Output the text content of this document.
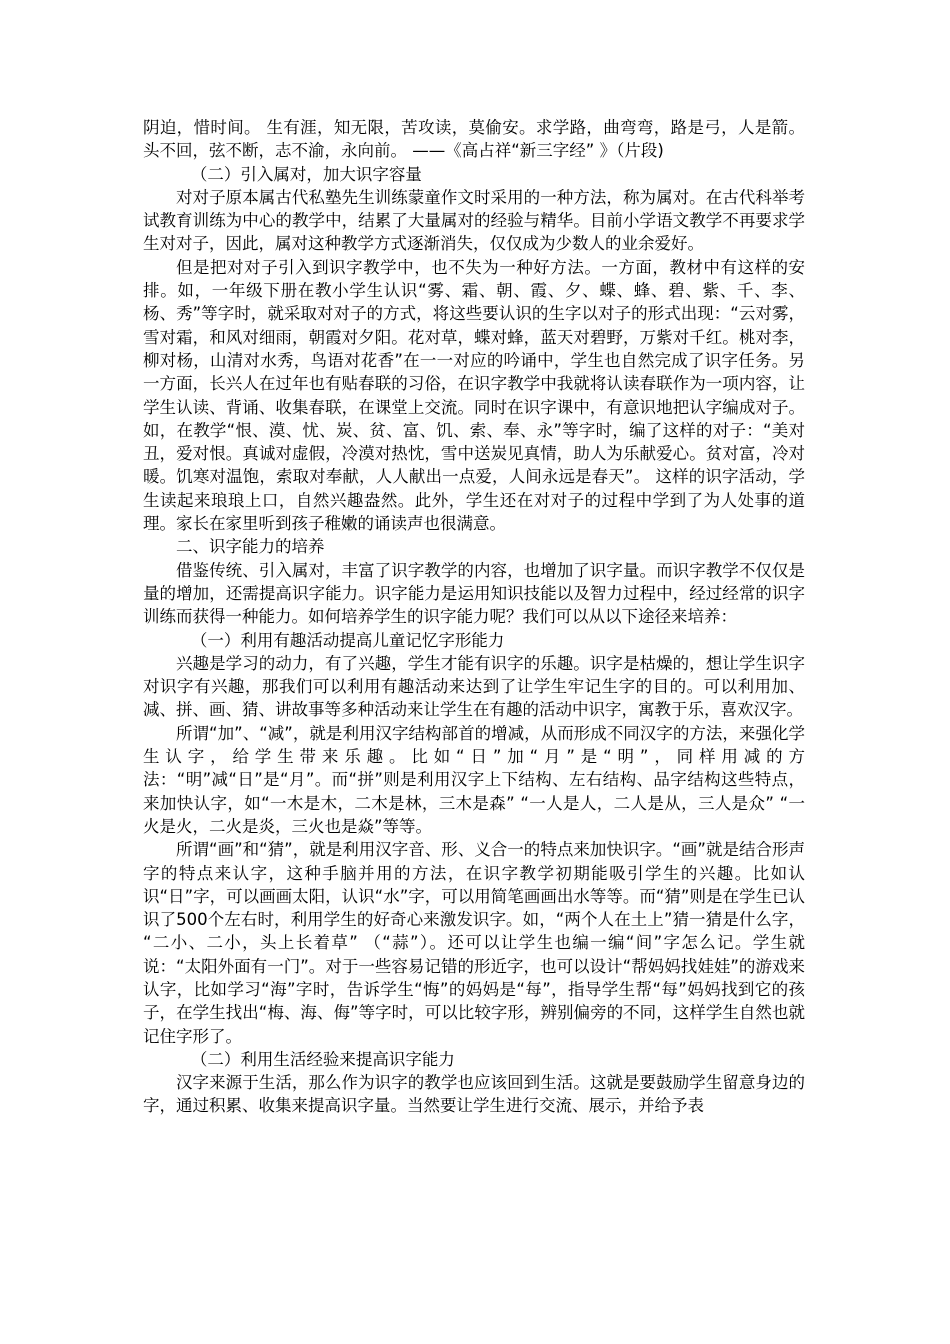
阴迫，惜时间。 生有涯，知无限，苦攻读，莫偷安。求学路，曲弯弯，路是弓，人是箭。头不回，弦不断，志不渝，永向前。 ——《高占祥“新三字经” 》（片段)

（二）引入属对，加大识字容量

对对子原本属古代私塾先生训练蒙童作文时采用的一种方法，称为属对。在古代科举考试教育训练为中心的教学中，结累了大量属对的经验与精华。目前小学语文教学不再要求学生对对子，因此，属对这种教学方式逐渐消失，仅仅成为少数人的业余爱好。

但是把对对子引入到识字教学中，也不失为一种好方法。一方面，教材中有这样的安排。如，一年级下册在教小学生认识“雾、霜、朝、霞、夕、蝶、蜂、碧、紫、千、李、杨、秀”等字时，就采取对对子的方式，将这些要认识的生字以对子的形式出现：“云对雾，雪对霜，和风对细雨，朝霞对夕阳。花对草，蝶对蜂，蓝天对碧野，万紫对千红。桃对李，柳对杨，山清对水秀，鸟语对花香”在一一对应的吟诵中，学生也自然完成了识字任务。另一方面，长兴人在过年也有贴春联的习俗，在识字教学中我就将认读春联作为一项内容，让学生认读、背诵、收集春联，在课堂上交流。同时在识字课中，有意识地把认字编成对子。如，在教学“恨、漠、忧、炭、贫、富、饥、索、奉、永”等字时，编了这样的对子：“美对丑，爱对恨。真诚对虚假，冷漠对热忱，雪中送炭见真情，助人为乐献爱心。贫对富，冷对暖。饥寒对温饱，索取对奉献，人人献出一点爱，人间永远是春天”。 这样的识字活动，学生读起来琅琅上口，自然兴趣盎然。此外，学生还在对对子的过程中学到了为人处事的道理。家长在家里听到孩子稚嫩的诵读声也很满意。

二、识字能力的培养

借鉴传统、引入属对，丰富了识字教学的内容，也增加了识字量。而识字教学不仅仅是量的增加，还需提高识字能力。识字能力是运用知识技能以及智力过程中，经过经常的识字训练而获得一种能力。如何培养学生的识字能力呢？我们可以从以下途径来培养：

（一）利用有趣活动提高儿童记忆字形能力

兴趣是学习的动力，有了兴趣，学生才能有识字的乐趣。识字是枯燥的，想让学生识字对识字有兴趣，那我们可以利用有趣活动来达到了让学生牢记生字的目的。可以利用加、减、拼、画、猜、讲故事等多种活动来让学生在有趣的活动中识字，寓教于乐，喜欢汉字。

所谓“加”、“减”，就是利用汉字结构部首的增减，从而形成不同汉字的方法，来强化学生认字，给学生带来乐趣。比如“日”加“月”是“明”，同样用减的方法：“明”减“日”是“月”。而“拼”则是利用汉字上下结构、左右结构、品字结构这些特点，来加快认字，如“一木是木，二木是林，三木是森” “一人是人，二人是从，三人是众” “一火是火，二火是炎，三火也是焱”等等。

所谓“画”和“猜”，就是利用汉字音、形、义合一的特点来加快识字。“画”就是结合形声字的特点来认字，这种手脑并用的方法，在识字教学初期能吸引学生的兴趣。比如认识“日”字，可以画画太阳，认识“水”字，可以用简笔画画出水等等。而“猜”则是在学生已认识了500个左右时，利用学生的好奇心来激发识字。如，“两个人在土上”猜一猜是什么字， “二小、二小，头上长着草” （“蒜”）。还可以让学生也编一编“间”字怎么记。学生就说：“太阳外面有一门”。对于一些容易记错的形近字，也可以设计“帮妈妈找娃娃”的游戏来认字，比如学习“海”字时，告诉学生“悔”的妈妈是“每”，指导学生帮“每”妈妈找到它的孩子，在学生找出“梅、海、侮”等字时，可以比较字形，辨别偏旁的不同，这样学生自然也就记住字形了。

（二）利用生活经验来提高识字能力

汉字来源于生活，那么作为识字的教学也应该回到生活。这就是要鼓励学生留意身边的字，通过积累、收集来提高识字量。当然要让学生进行交流、展示，并给予表
